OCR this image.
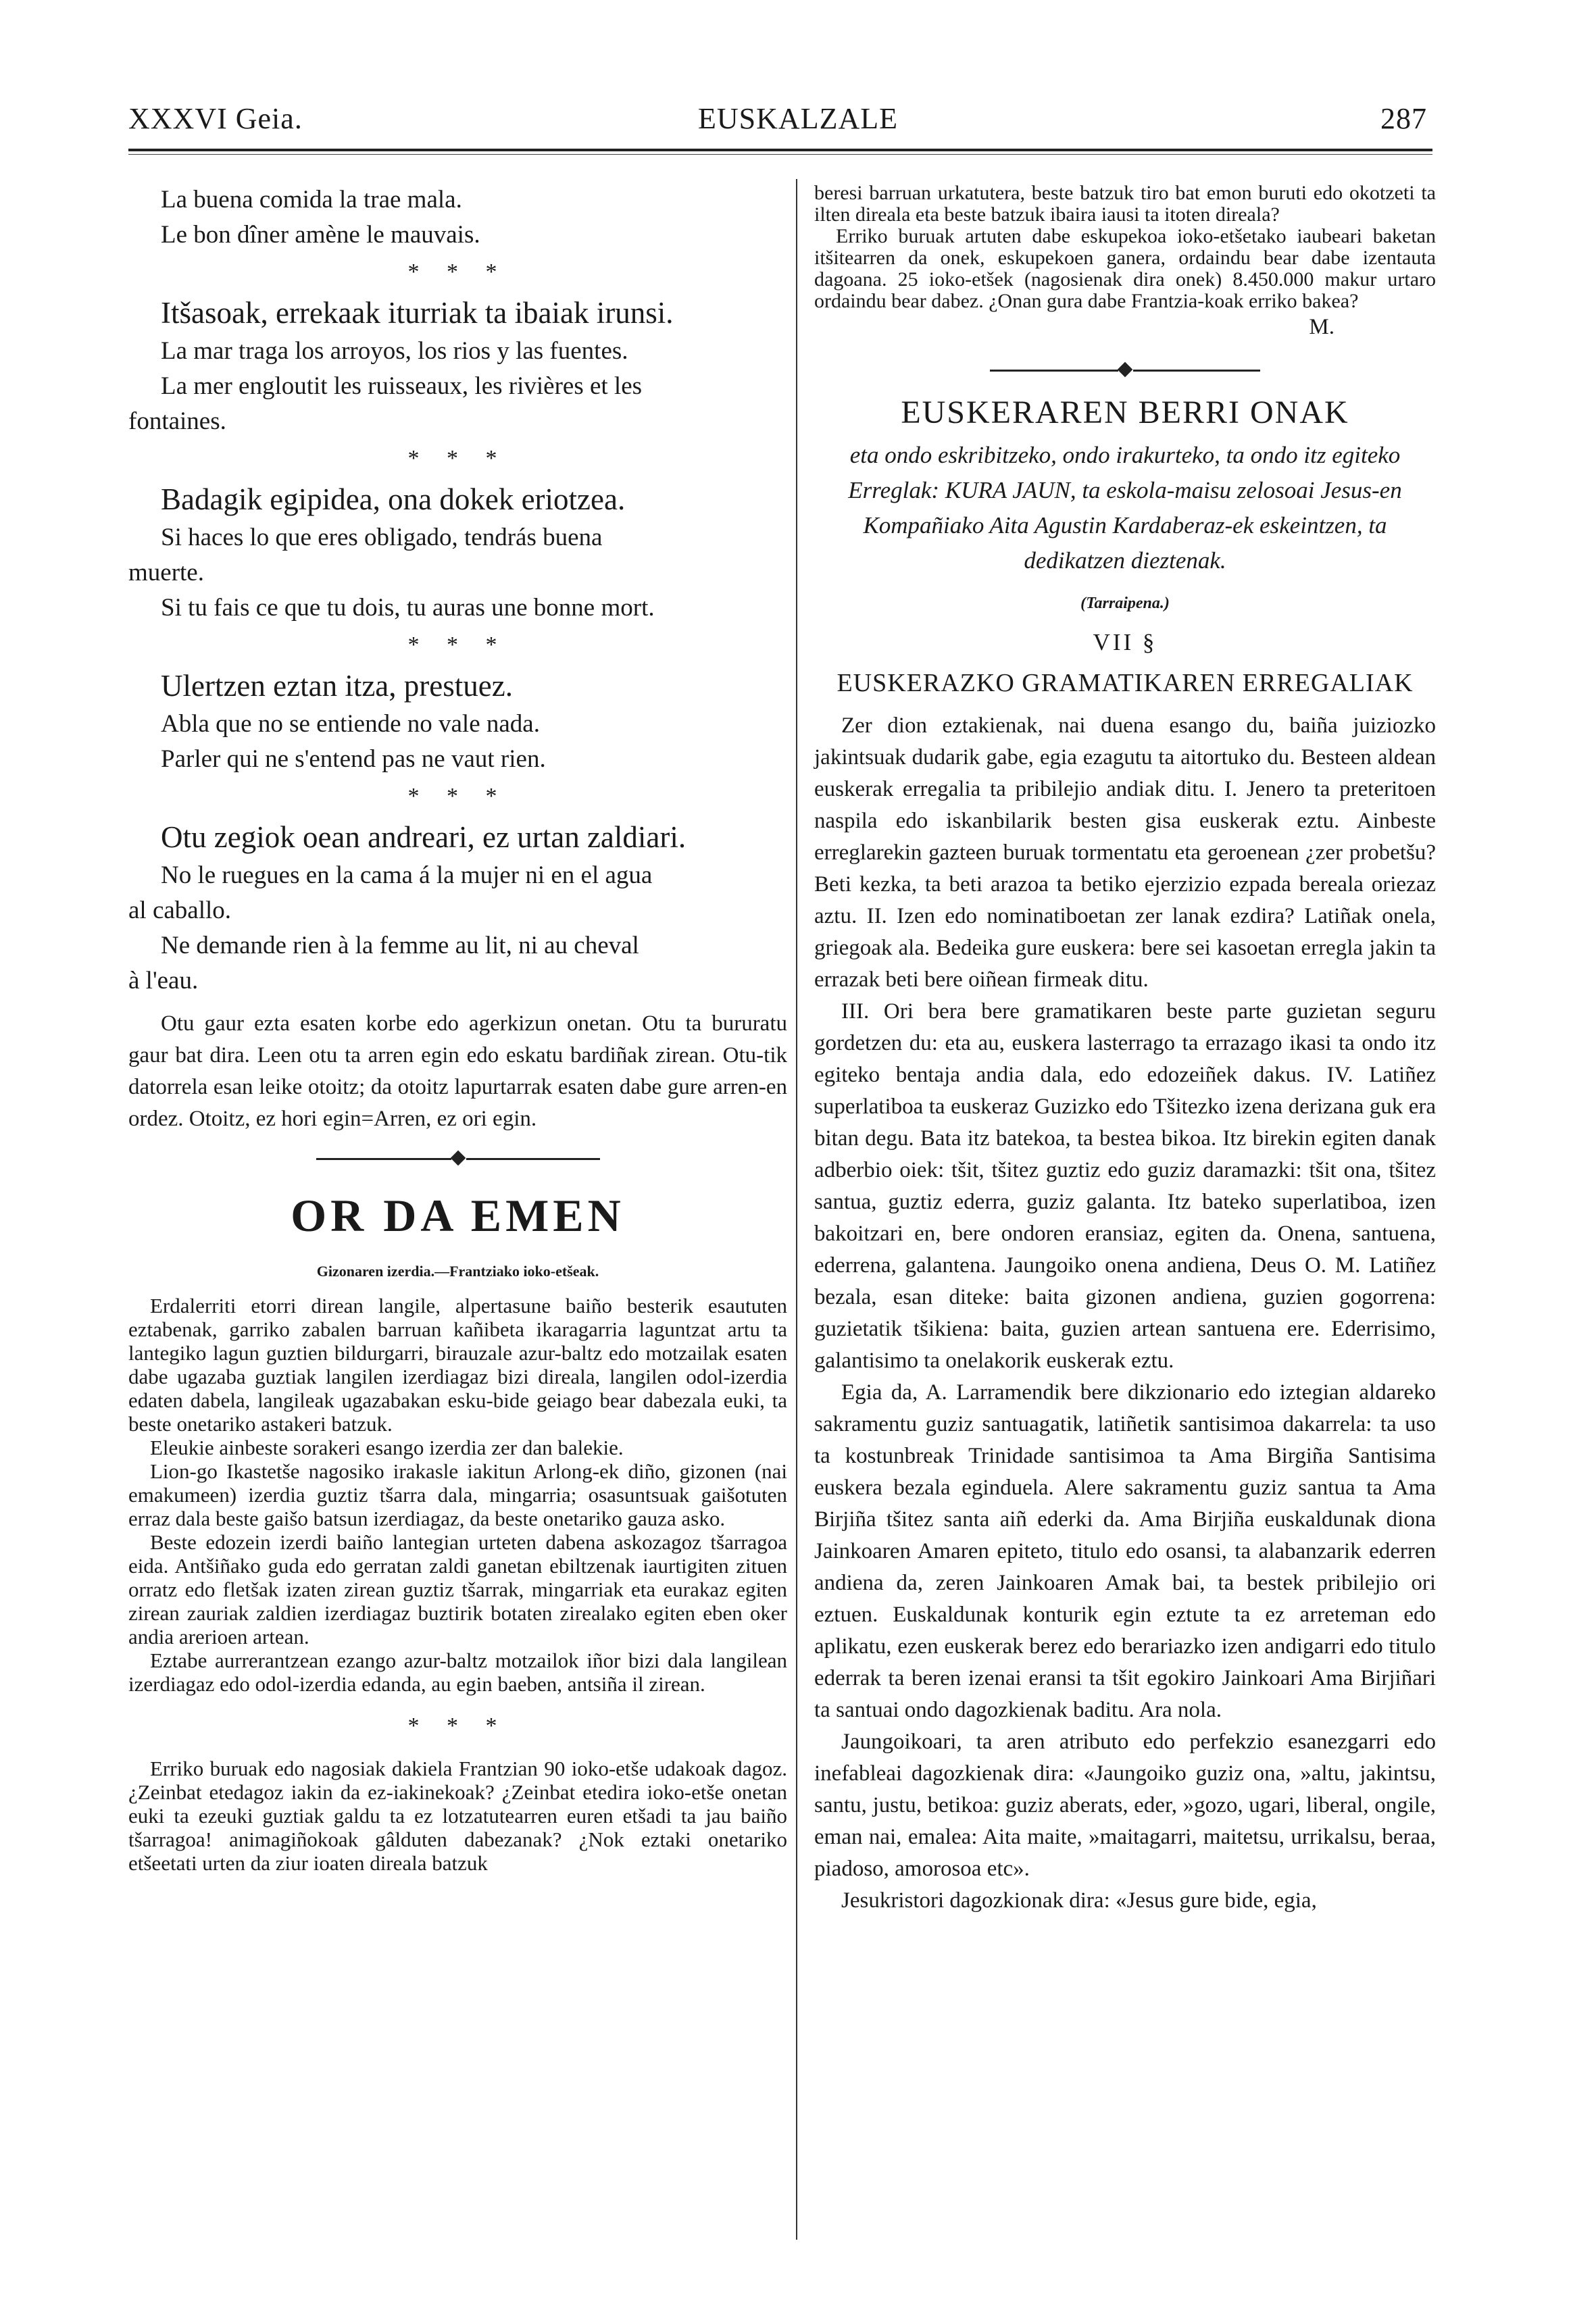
XXXVI Geia.	EUSKALZALE	287

La buena comida la trae mala.

Le bon dîner amène le mauvais.

* * *

Itšasoak, errekaak iturriak ta ibaiak irunsi.

La mar traga los arroyos, los rios y las fuentes.

La mer engloutit les ruisseaux, les rivières et les

fontaines.

* * *

Badagik egipidea, ona dokek eriotzea.

Si haces lo que eres obligado, tendrás buena

muerte.

Si tu fais ce que tu dois, tu auras une bonne mort.

* * *

Ulertzen eztan itza, prestuez.

Abla que no se entiende no vale nada.

Parler qui ne s'entend pas ne vaut rien.

* * *

Otu zegiok oean andreari, ez urtan zaldiari.

No le ruegues en la cama á la mujer ni en el agua

al caballo.

Ne demande rien à la femme au lit, ni au cheval

à l'eau.

Otu gaur ezta esaten korbe edo agerkizun onetan. Otu ta bururatu gaur bat dira. Leen otu ta arren egin edo eskatu bardiñak zirean. Otu-tik datorrela esan leike otoitz; da otoitz lapurtarrak esaten dabe gure arren-en ordez. Otoitz, ez hori egin=Arren, ez ori egin.

OR DA EMEN
Gizonaren izerdia.—Frantziako ioko-etšeak.

Erdalerriti etorri direan langile, alpertasune baiño besterik esaututen eztabenak, garriko zabalen barruan kañibeta ikaragarria laguntzat artu ta lantegiko lagun guztien bildurgarri, birauzale azur-baltz edo motzailak esaten dabe ugazaba guztiak langilen izerdiagaz bizi direala, langilen odol-izerdia edaten dabela, langileak ugazabakan esku-bide geiago bear dabezala euki, ta beste onetariko astakeri batzuk.

Eleukie ainbeste sorakeri esango izerdia zer dan balekie.

Lion-go Ikastetše nagosiko irakasle iakitun Arlong-ek diño, gizonen (nai emakumeen) izerdia guztiz tšarra dala, mingarria; osasuntsuak gaišotuten erraz dala beste gaišo batsun izerdiagaz, da beste onetariko gauza asko.

Beste edozein izerdi baiño lantegian urteten dabena askozagoz tšarragoa eida. Antšiñako guda edo gerratan zaldi ganetan ebiltzenak iaurtigiten zituen orratz edo fletšak izaten zirean guztiz tšarrak, mingarriak eta eurakaz egiten zirean zauriak zaldien izerdiagaz buztirik botaten zirealako egiten eben oker andia arerioen artean.

Eztabe aurrerantzean ezango azur-baltz motzailok iñor bizi dala langilean izerdiagaz edo odol-izerdia edanda, au egin baeben, antsiña il zirean.

* * *

Erriko buruak edo nagosiak dakiela Frantzian 90 ioko-etše udakoak dagoz. ¿Zeinbat etedagoz iakin da ez-iakinekoak? ¿Zeinbat etedira ioko-etše onetan euki ta ezeuki guztiak galdu ta ez lotzatutearren euren etšadi ta jau baiño tšarragoa! animagiñokoak gâlduten dabezanak? ¿Nok eztaki onetariko etšeetati urten da ziur ioaten direala batzuk

beresi barruan urkatutera, beste batzuk tiro bat emon buruti edo okotzeti ta ilten direala eta beste batzuk ibaira iausi ta itoten direala?

Erriko buruak artuten dabe eskupekoa ioko-etšetako iaubeari baketan itšitearren da onek, eskupekoen ganera, ordaindu bear dabe izentauta dagoana. 25 ioko-etšek (nagosienak dira onek) 8.450.000 makur urtaro ordaindu bear dabez. ¿Onan gura dabe Frantzia-koak erriko bakea?

M.
EUSKERAREN BERRI ONAK

eta ondo eskribitzeko, ondo irakurteko, ta ondo itz egiteko Erreglak: KURA JAUN, ta eskola-maisu zelosoai Jesus-en Kompañiako Aita Agustin Kardaberaz-ek eskeintzen, ta dedikatzen dieztenak.

(Tarraipena.)
VII §
EUSKERAZKO GRAMATIKAREN ERREGALIAK

Zer dion eztakienak, nai duena esango du, baiña juiziozko jakintsuak dudarik gabe, egia ezagutu ta aitortuko du. Besteen aldean euskerak erregalia ta pribilejio andiak ditu. I. Jenero ta preteritoen naspila edo iskanbilarik besten gisa euskerak eztu. Ainbeste erreglarekin gazteen buruak tormentatu eta geroenean ¿zer probetšu? Beti kezka, ta beti arazoa ta betiko ejerzizio ezpada bereala oriezaz aztu. II. Izen edo nominatiboetan zer lanak ezdira? Latiñak onela, griegoak ala. Bedeika gure euskera: bere sei kasoetan erregla jakin ta errazak beti bere oiñean firmeak ditu.

III. Ori bera bere gramatikaren beste parte guzietan seguru gordetzen du: eta au, euskera lasterrago ta errazago ikasi ta ondo itz egiteko bentaja andia dala, edo edozeiñek dakus. IV. Latiñez superlatiboa ta euskeraz Guzizko edo Tšitezko izena derizana guk era bitan degu. Bata itz batekoa, ta bestea bikoa. Itz birekin egiten danak adberbio oiek: tšit, tšitez guztiz edo guziz daramazki: tšit ona, tšitez santua, guztiz ederra, guziz galanta. Itz bateko superlatiboa, izen bakoitzari en, bere ondoren eransiaz, egiten da. Onena, santuena, ederrena, galantena. Jaungoiko onena andiena, Deus O. M. Latiñez bezala, esan diteke: baita gizonen andiena, guzien gogorrena: guzietatik tšikiena: baita, guzien artean santuena ere. Ederrisimo, galantisimo ta onelakorik euskerak eztu.

Egia da, A. Larramendik bere dikzionario edo iztegian aldareko sakramentu guziz santuagatik, latiñetik santisimoa dakarrela: ta uso ta kostunbreak Trinidade santisimoa ta Ama Birgiña Santisima euskera bezala eginduela. Alere sakramentu guziz santua ta Ama Birjiña tšitez santa aiñ ederki da. Ama Birjiña euskaldunak diona Jainkoaren Amaren epiteto, titulo edo osansi, ta alabanzarik ederren andiena da, zeren Jainkoaren Amak bai, ta bestek pribilejio ori eztuen. Euskaldunak konturik egin eztute ta ez arreteman edo aplikatu, ezen euskerak berez edo berariazko izen andigarri edo titulo ederrak ta beren izenai eransi ta tšit egokiro Jainkoari Ama Birjiñari ta santuai ondo dagozkienak baditu. Ara nola.

Jaungoikoari, ta aren atributo edo perfekzio esanezgarri edo inefableai dagozkienak dira: «Jaungoiko guziz ona, »altu, jakintsu, santu, justu, betikoa: guziz aberats, eder, »gozo, ugari, liberal, ongile, eman nai, emalea: Aita maite, »maitagarri, maitetsu, urrikalsu, beraa, piadoso, amorosoa etc».

Jesukristori dagozkionak dira: «Jesus gure bide, egia,
